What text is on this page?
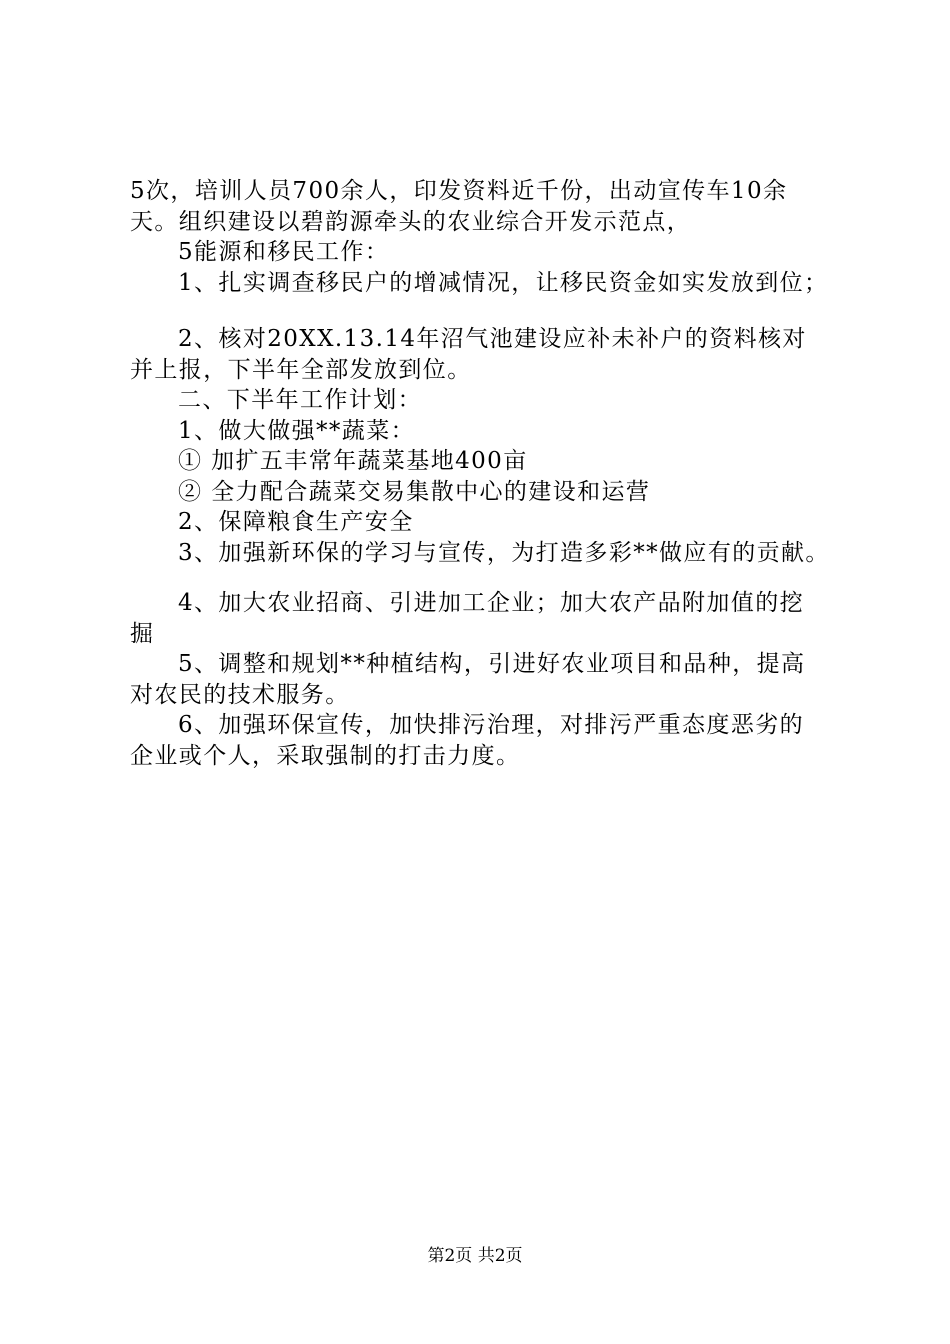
5次，培训人员700余人，印发资料近千份，出动宣传车10余
天。组织建设以碧韵源牵头的农业综合开发示范点，
5能源和移民工作：
1、扎实调查移民户的增减情况，让移民资金如实发放到位；
2、核对20XX.13.14年沼气池建设应补未补户的资料核对
并上报，下半年全部发放到位。
二、下半年工作计划：
1、做大做强**蔬菜：
① 加扩五丰常年蔬菜基地400亩
② 全力配合蔬菜交易集散中心的建设和运营
2、保障粮食生产安全
3、加强新环保的学习与宣传，为打造多彩**做应有的贡献。
4、加大农业招商、引进加工企业；加大农产品附加值的挖
掘
5、调整和规划**种植结构，引进好农业项目和品种，提高
对农民的技术服务。
6、加强环保宣传，加快排污治理，对排污严重态度恶劣的
企业或个人，采取强制的打击力度。
第2页 共2页
